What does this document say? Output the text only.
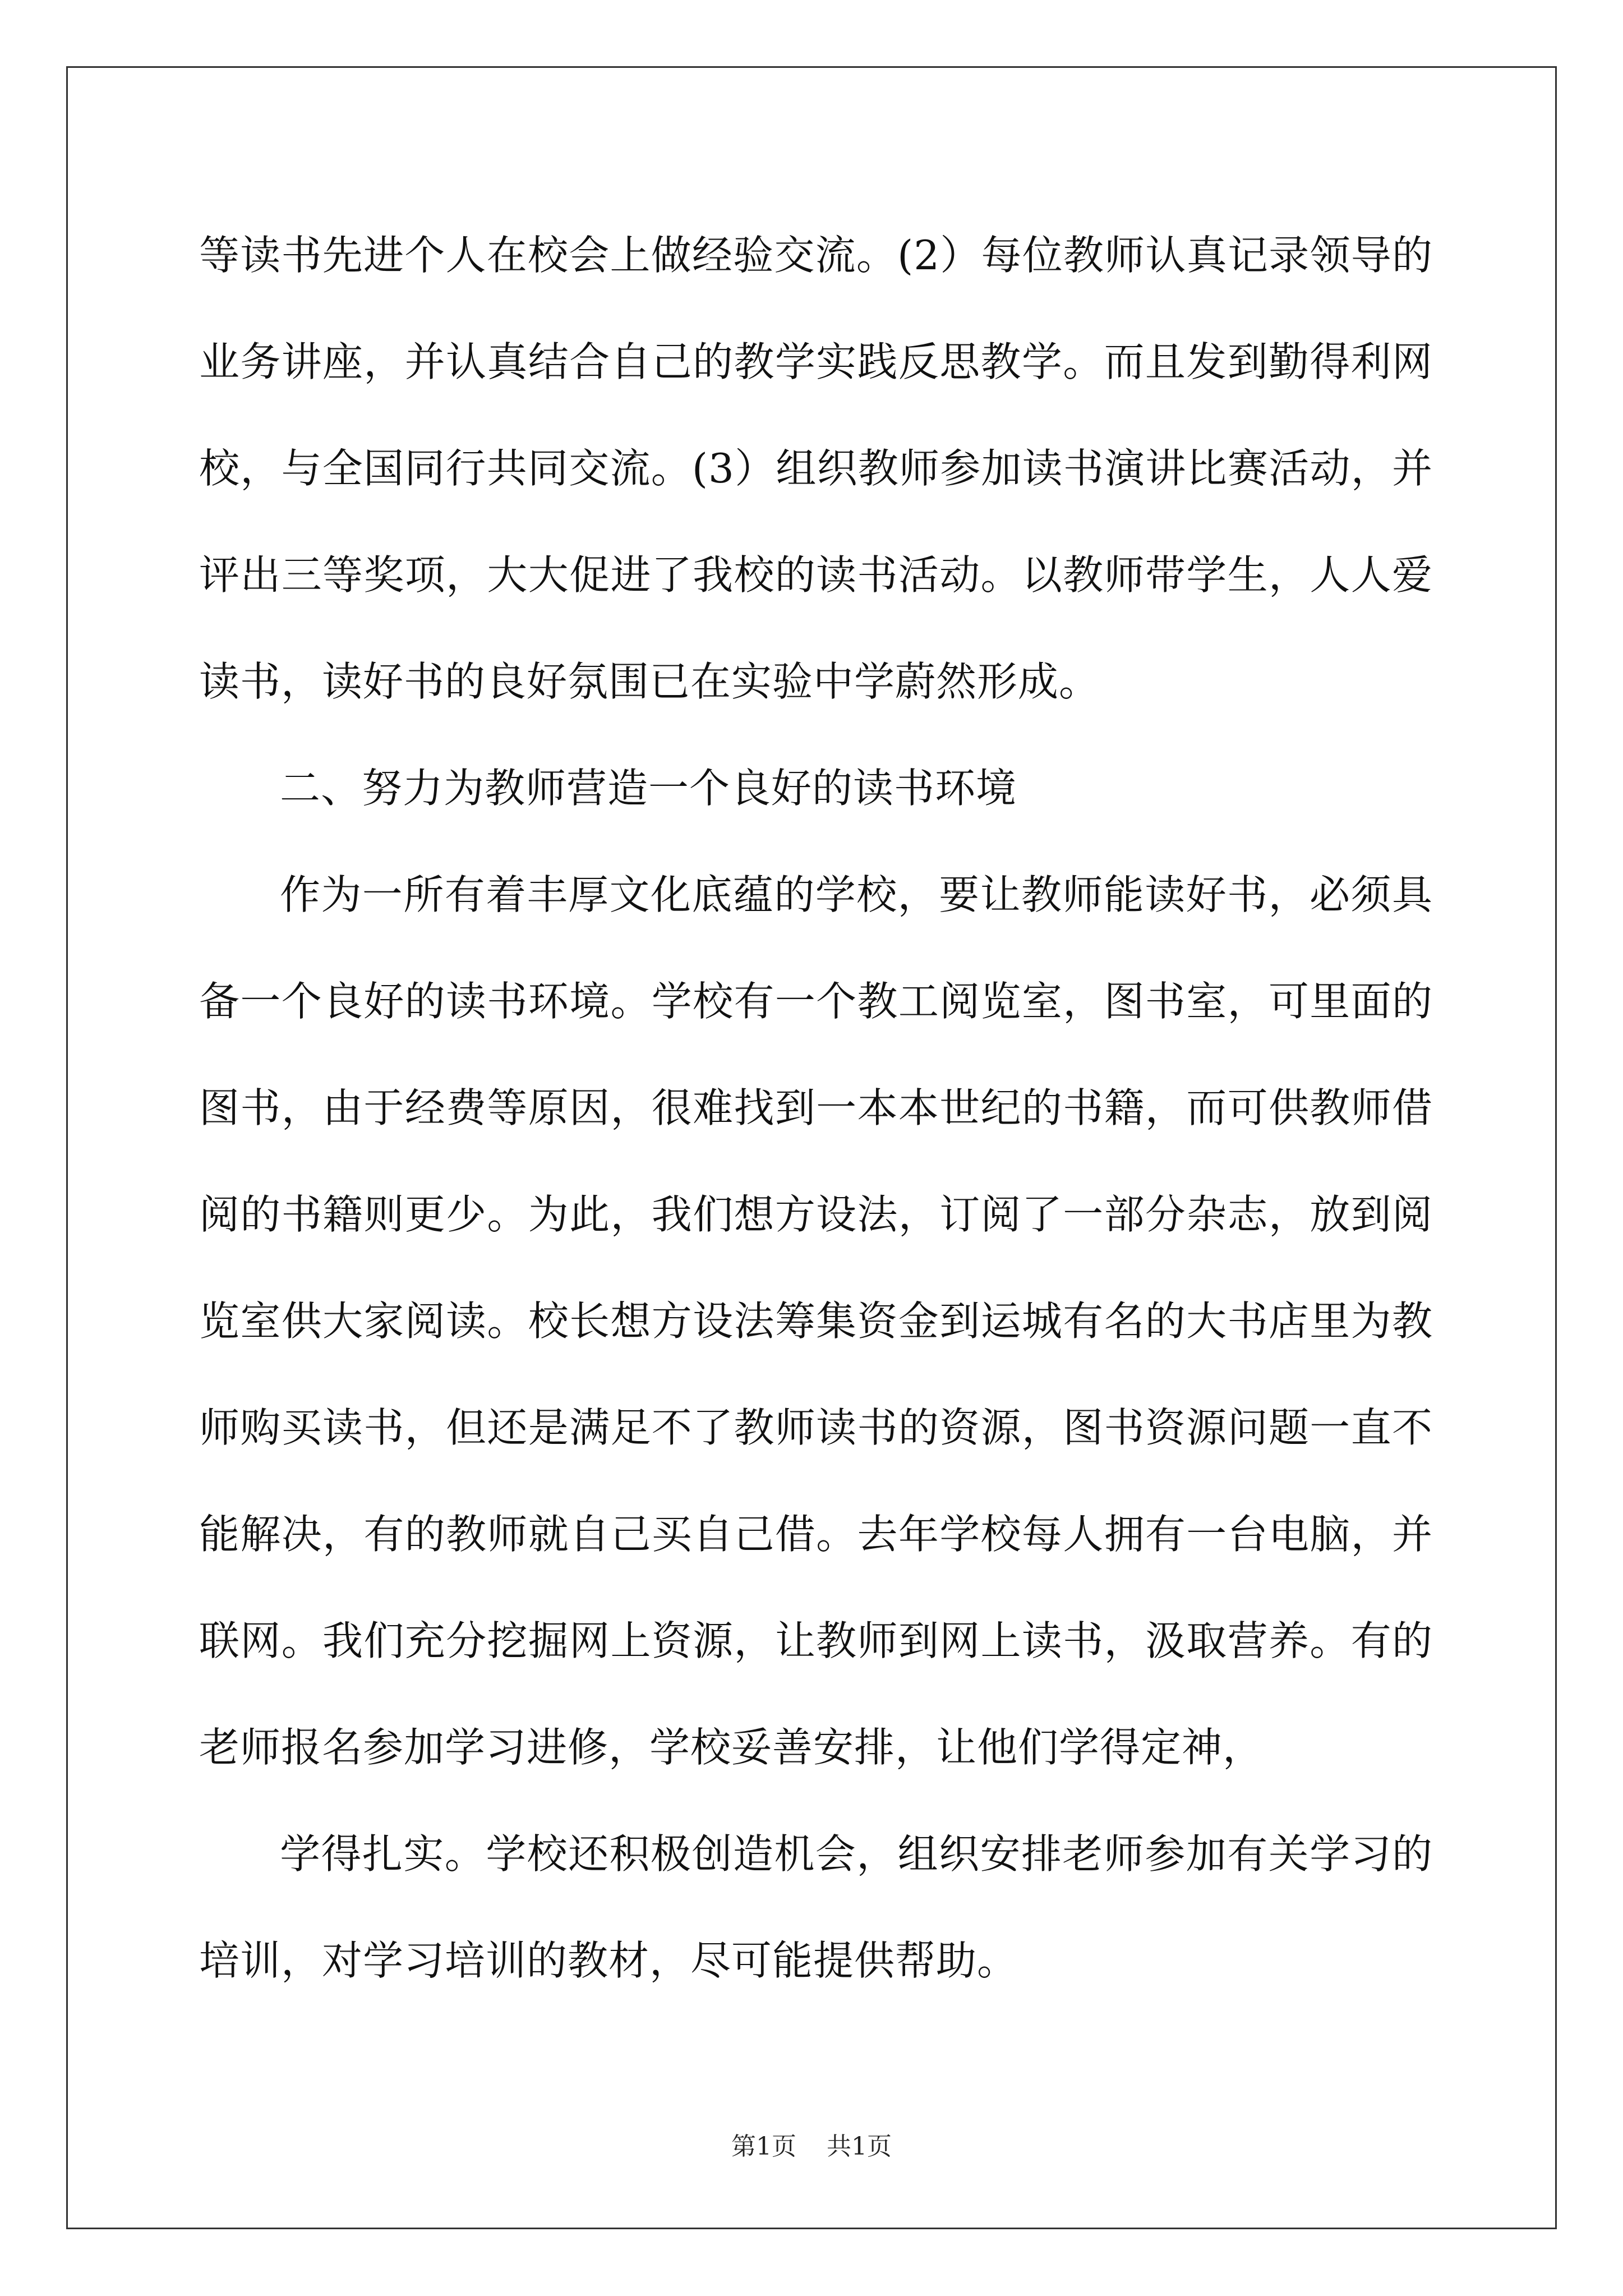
等读书先进个人在校会上做经验交流。(2）每位教师认真记录领导的业务讲座，并认真结合自己的教学实践反思教学。而且发到勤得利网校，与全国同行共同交流。(3）组织教师参加读书演讲比赛活动，并评出三等奖项，大大促进了我校的读书活动。以教师带学生，人人爱读书，读好书的良好氛围已在实验中学蔚然形成。

二、努力为教师营造一个良好的读书环境

作为一所有着丰厚文化底蕴的学校，要让教师能读好书，必须具备一个良好的读书环境。学校有一个教工阅览室，图书室，可里面的图书，由于经费等原因，很难找到一本本世纪的书籍，而可供教师借阅的书籍则更少。为此，我们想方设法，订阅了一部分杂志，放到阅览室供大家阅读。校长想方设法筹集资金到运城有名的大书店里为教师购买读书，但还是满足不了教师读书的资源，图书资源问题一直不能解决，有的教师就自己买自己借。去年学校每人拥有一台电脑，并联网。我们充分挖掘网上资源，让教师到网上读书，汲取营养。有的老师报名参加学习进修，学校妥善安排，让他们学得定神，

学得扎实。学校还积极创造机会，组织安排老师参加有关学习的培训，对学习培训的教材，尽可能提供帮助。

第1页 共1页
